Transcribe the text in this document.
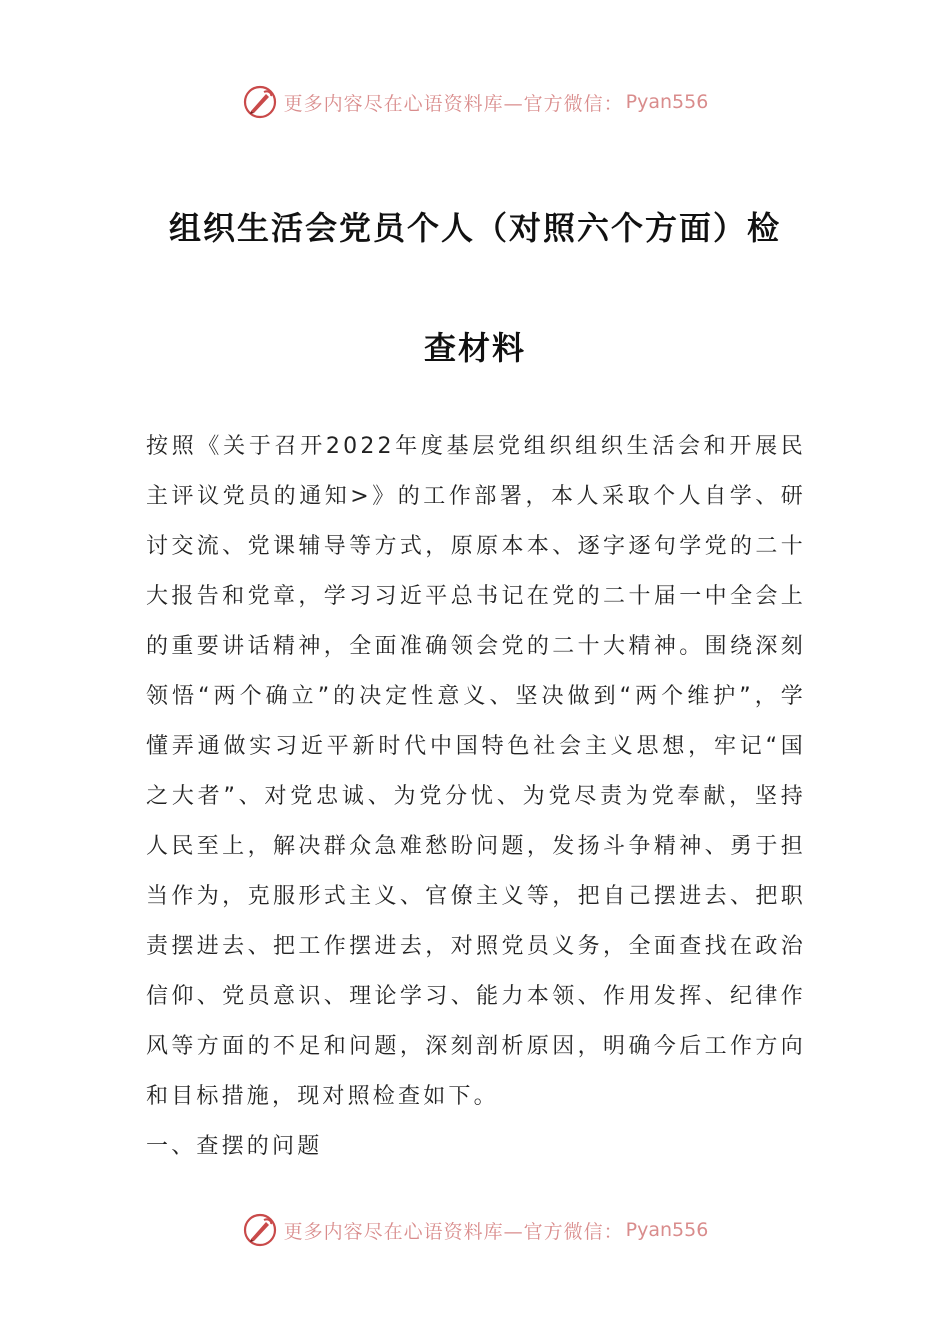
更多内容尽在心语资料库—官方微信： Pyan556
组织生活会党员个人（对照六个方面）检
查材料

按照《关于召开2022年度基层党组织组织生活会和开展民主评议党员的通知>》的工作部署，本人采取个人自学、研讨交流、党课辅导等方式，原原本本、逐字逐句学党的二十大报告和党章，学习习近平总书记在党的二十届一中全会上的重要讲话精神，全面准确领会党的二十大精神。围绕深刻领悟“两个确立”的决定性意义、坚决做到“两个维护”，学懂弄通做实习近平新时代中国特色社会主义思想，牢记“国之大者”、对党忠诚、为党分忧、为党尽责为党奉献，坚持人民至上，解决群众急难愁盼问题，发扬斗争精神、勇于担当作为，克服形式主义、官僚主义等，把自己摆进去、把职责摆进去、把工作摆进去，对照党员义务，全面查找在政治信仰、党员意识、理论学习、能力本领、作用发挥、纪律作风等方面的不足和问题，深刻剖析原因，明确今后工作方向和目标措施，现对照检查如下。

一、查摆的问题

更多内容尽在心语资料库—官方微信： Pyan556
